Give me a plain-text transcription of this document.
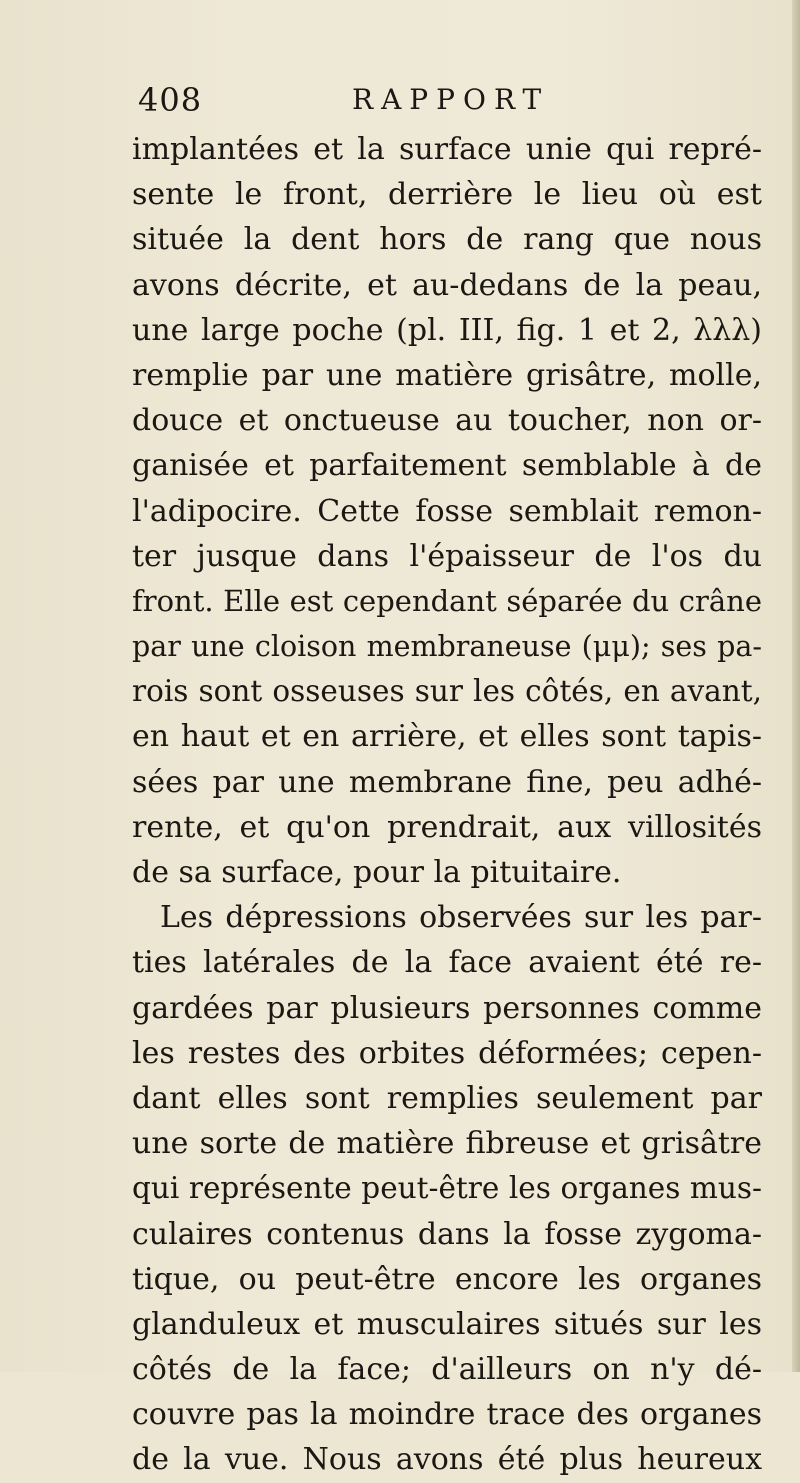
408	RAPPORT
implantées et la surface unie qui repré-
sente le front, derrière le lieu où est
située la dent hors de rang que nous
avons décrite, et au-dedans de la peau,
une large poche (pl. III, fig. 1 et 2, λλλ)
remplie par une matière grisâtre, molle,
douce et onctueuse au toucher, non or-
ganisée et parfaitement semblable à de
l'adipocire. Cette fosse semblait remon-
ter jusque dans l'épaisseur de l'os du
front. Elle est cependant séparée du crâne
par une cloison membraneuse (μμ); ses pa-
rois sont osseuses sur les côtés, en avant,
en haut et en arrière, et elles sont tapis-
sées par une membrane fine, peu adhé-
rente, et qu'on prendrait, aux villosités
de sa surface, pour la pituitaire.
Les dépressions observées sur les par-
ties latérales de la face avaient été re-
gardées par plusieurs personnes comme
les restes des orbites déformées; cepen-
dant elles sont remplies seulement par
une sorte de matière fibreuse et grisâtre
qui représente peut-être les organes mus-
culaires contenus dans la fosse zygoma-
tique, ou peut-être encore les organes
glanduleux et musculaires situés sur les
côtés de la face; d'ailleurs on n'y dé-
couvre pas la moindre trace des organes
de la vue. Nous avons été plus heureux
